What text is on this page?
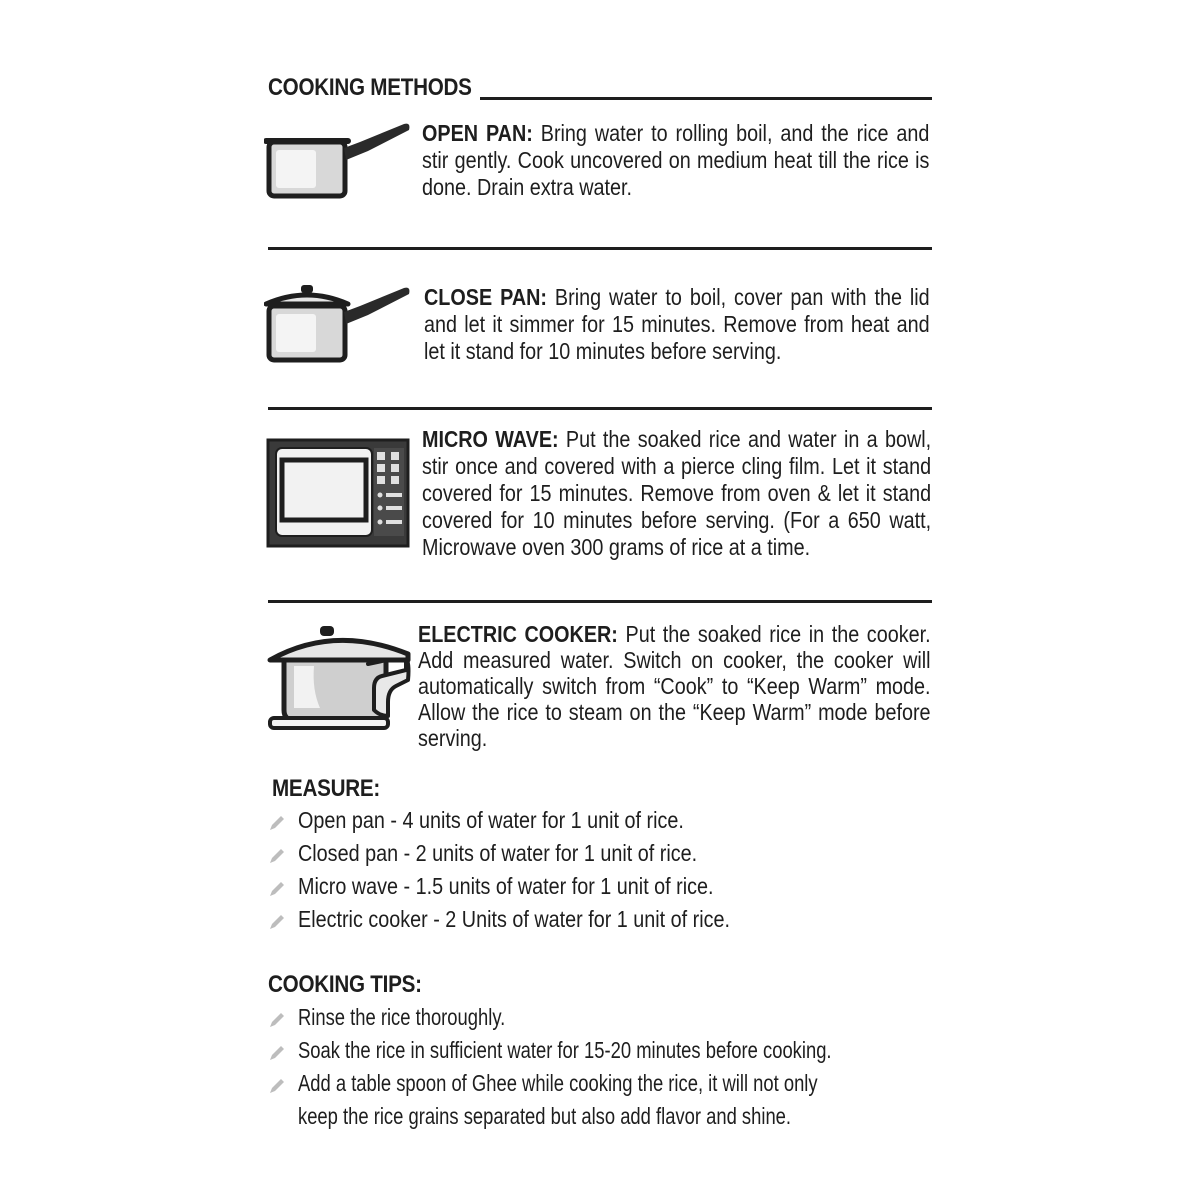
COOKING METHODS
OPEN PAN: Bring water to rolling boil, and the rice and stir gently. Cook uncovered on medium heat till the rice is done. Drain extra water.
CLOSE PAN: Bring water to boil, cover pan with the lid and let it simmer for 15 minutes. Remove from heat and let it stand for 10 minutes before serving.
MICRO WAVE: Put the soaked rice and water in a bowl, stir once and covered with a pierce cling film. Let it stand covered for 15 minutes. Remove from oven & let it stand covered for 10 minutes before serving. (For a 650 watt, Microwave oven 300 grams of rice at a time.
ELECTRIC COOKER: Put the soaked rice in the cooker. Add measured water. Switch on cooker, the cooker will automatically switch from “Cook” to “Keep Warm” mode. Allow the rice to steam on the “Keep Warm” mode before serving.
MEASURE:
Open pan - 4 units of water for 1 unit of rice.
Closed pan - 2 units of water for 1 unit of rice.
Micro wave - 1.5 units of water for 1 unit of rice.
Electric cooker - 2 Units of water for 1 unit of rice.
COOKING TIPS:
Rinse the rice thoroughly.
Soak the rice in sufficient water for 15-20 minutes before cooking.
Add a table spoon of Ghee while cooking the rice, it will not only
keep the rice grains separated but also add flavor and shine.
